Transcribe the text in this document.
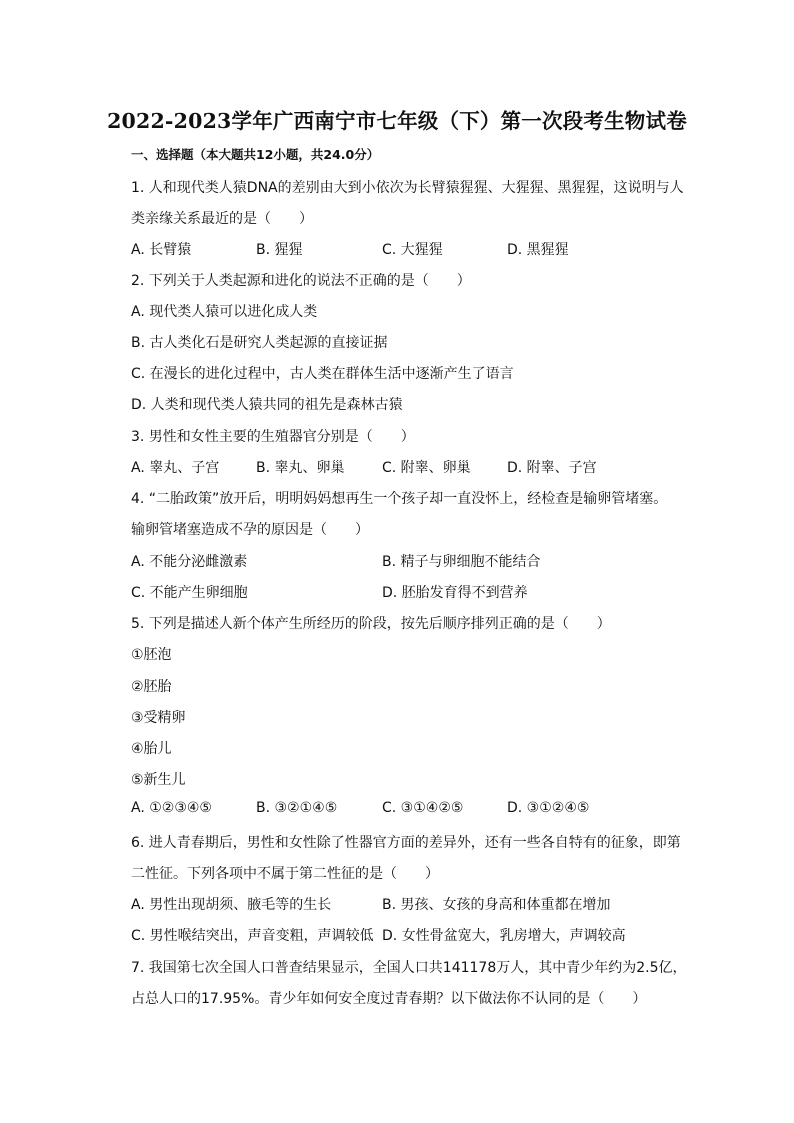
2022-2023学年广西南宁市七年级（下）第一次段考生物试卷
一、选择题（本大题共12小题，共24.0分）
1. 人和现代类人猿DNA的差别由大到小依次为长臂猿猩猩、大猩猩、黑猩猩，这说明与人
类亲缘关系最近的是（　　）
A. 长臂猿	B. 猩猩	C. 大猩猩	D. 黑猩猩
2. 下列关于人类起源和进化的说法不正确的是（　　）
A. 现代类人猿可以进化成人类
B. 古人类化石是研究人类起源的直接证据
C. 在漫长的进化过程中，古人类在群体生活中逐渐产生了语言
D. 人类和现代类人猿共同的祖先是森林古猿
3. 男性和女性主要的生殖器官分别是（　　）
A. 睾丸、子宫	B. 睾丸、卵巢	C. 附睾、卵巢	D. 附睾、子宫
4. “二胎政策”放开后，明明妈妈想再生一个孩子却一直没怀上，经检查是输卵管堵塞。
输卵管堵塞造成不孕的原因是（　　）
A. 不能分泌雌激素	B. 精子与卵细胞不能结合
C. 不能产生卵细胞	D. 胚胎发育得不到营养
5. 下列是描述人新个体产生所经历的阶段，按先后顺序排列正确的是（　　）
①胚泡
②胚胎
③受精卵
④胎儿
⑤新生儿
A. ①②③④⑤	B. ③②①④⑤	C. ③①④②⑤	D. ③①②④⑤
6. 进人青春期后，男性和女性除了性器官方面的差异外，还有一些各自特有的征象，即第
二性征。下列各项中不属于第二性征的是（　　）
A. 男性出现胡须、腋毛等的生长	B. 男孩、女孩的身高和体重都在增加
C. 男性喉结突出，声音变粗，声调较低 D. 女性骨盆宽大，乳房增大，声调较高
7. 我国第七次全国人口普查结果显示，全国人口共141178万人，其中青少年约为2.5亿，
占总人口的17.95%。青少年如何安全度过青春期？以下做法你不认同的是（　　）
